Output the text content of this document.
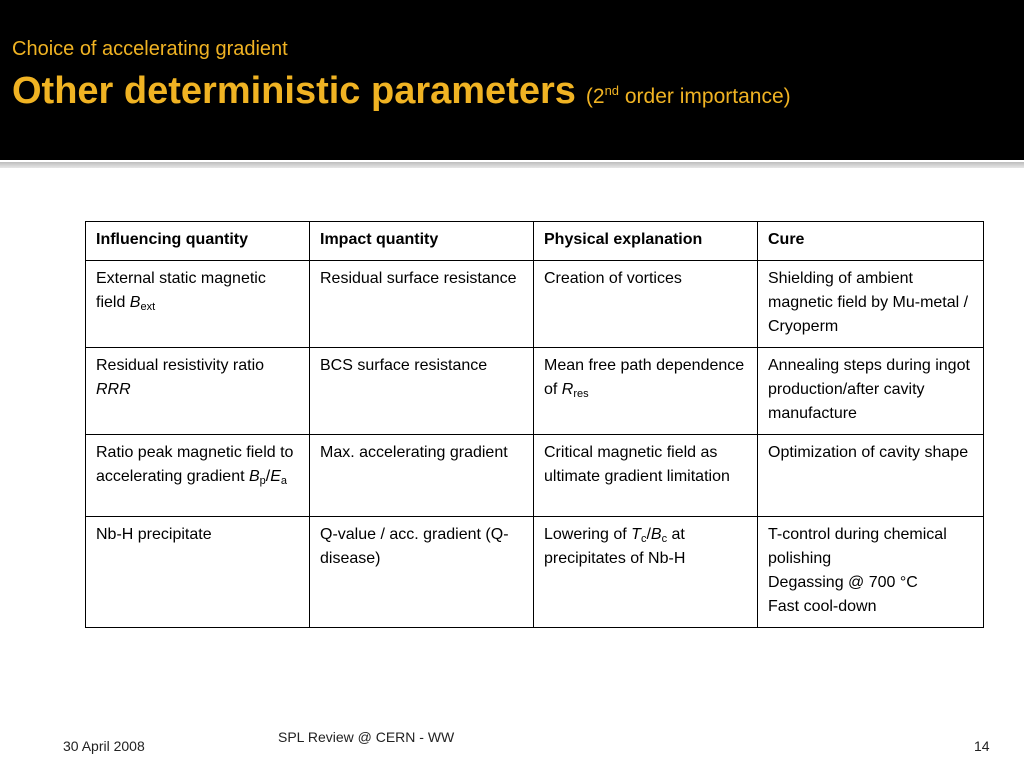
Choice of accelerating gradient
Other deterministic parameters (2nd order importance)
Influencing quantity	Impact quantity	Physical explanation	Cure
External static magnetic field $B_{ext}$	Residual surface resistance	Creation of vortices	Shielding of ambient magnetic field by Mu-metal / Cryoperm
Residual resistivity ratio RRR	BCS surface resistance	Mean free path dependence of $R_{res}$	Annealing steps during ingot production/after cavity manufacture
Ratio peak magnetic field to accelerating gradient $B_p/E_a$	Max. accelerating gradient	Critical magnetic field as ultimate gradient limitation	Optimization of cavity shape
Nb-H precipitate	Q-value / acc. gradient (Q-disease)	Lowering of $T_c/B_c$ at precipitates of Nb-H	T-control during chemical polishing
Degassing @ 700 °C
Fast cool-down
30 April 2008
SPL Review @ CERN - WW
14
